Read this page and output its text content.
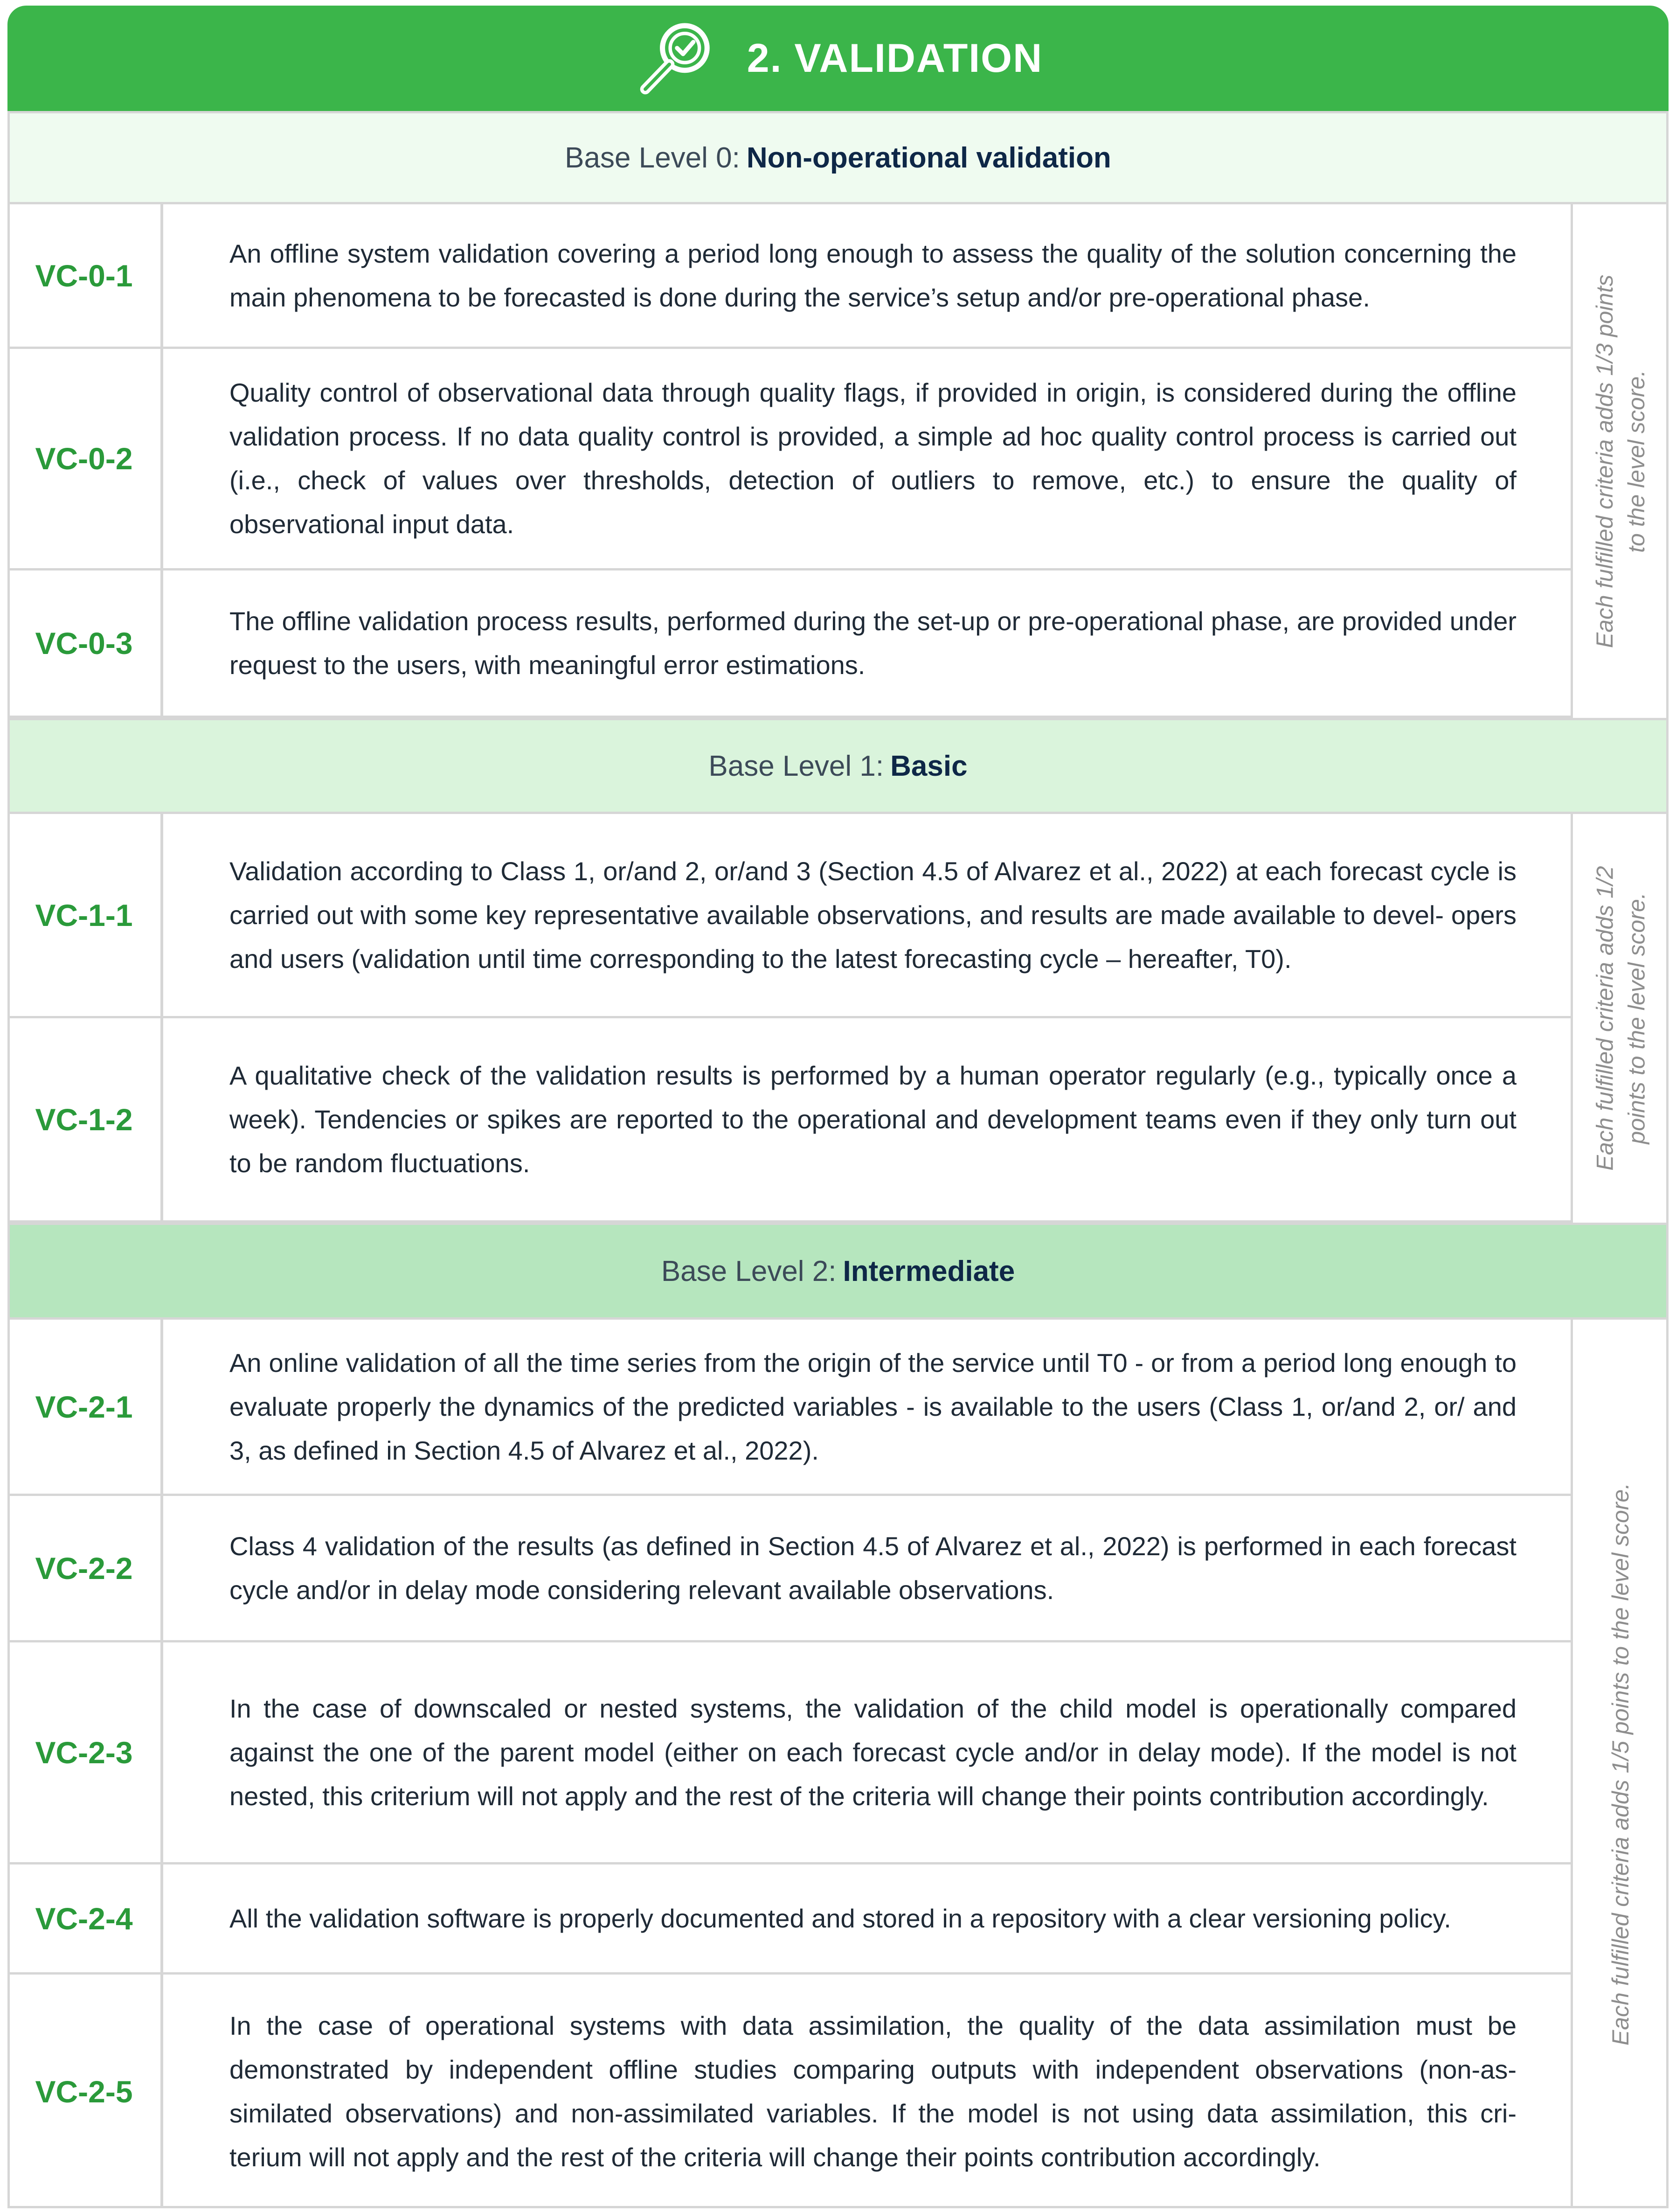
2. VALIDATION
Base Level 0: Non-operational validation
VC-0-1
An offline system validation covering a period long enough to assess the quality of the solution concerning the main phenomena to be forecasted is done during the service’s setup and/or pre-operational phase.
VC-0-2
Quality control of observational data through quality flags, if provided in origin, is considered during the offline validation process. If no data quality control is provided, a simple ad hoc quality control process is carried out (i.e., check of values over thresholds, detection of outliers to remove, etc.) to ensure the quality of observational input data.
VC-0-3
The offline validation process results, performed during the set-up or pre-operational phase, are provided under request to the users, with meaningful error estimations.
Each fulfilled criteria adds 1/3 points to the level score.
Base Level 1: Basic
VC-1-1
Validation according to Class 1, or/and 2, or/and 3 (Section 4.5 of Alvarez et al., 2022) at each forecast cycle is carried out with some key representative available observations, and results are made available to devel- opers and users (validation until time corresponding to the latest forecasting cycle – hereafter, T0).
VC-1-2
A qualitative check of the validation results is performed by a human operator regularly (e.g., typically once a week). Tendencies or spikes are reported to the operational and development teams even if they only turn out to be random fluctuations.	Each fulfilled criteria adds 1/2 points to the level score.
Base Level 2: Intermediate
VC-2-1
An online validation of all the time series from the origin of the service until T0 - or from a period long enough to evaluate properly the dynamics of the predicted variables - is available to the users (Class 1, or/and 2, or/ and 3, as defined in Section 4.5 of Alvarez et al., 2022).
VC-2-2
Class 4 validation of the results (as defined in Section 4.5 of Alvarez et al., 2022) is performed in each forecast cycle and/or in delay mode considering relevant available observations.
VC-2-3
In the case of downscaled or nested systems, the validation of the child model is operationally compared against the one of the parent model (either on each forecast cycle and/or in delay mode). If the model is not nested, this criterium will not apply and the rest of the criteria will change their points contribution accordingly.
VC-2-4	All the validation software is properly documented and stored in a repository with a clear versioning policy.
VC-2-5
In the case of operational systems with data assimilation, the quality of the data assimilation must be demonstrated by independent offline studies comparing outputs with independent observations (non-as- similated observations) and non-assimilated variables. If the model is not using data assimilation, this cri- terium will not apply and the rest of the criteria will change their points contribution accordingly.
Each fulfilled criteria adds 1/5 points to the level score.
